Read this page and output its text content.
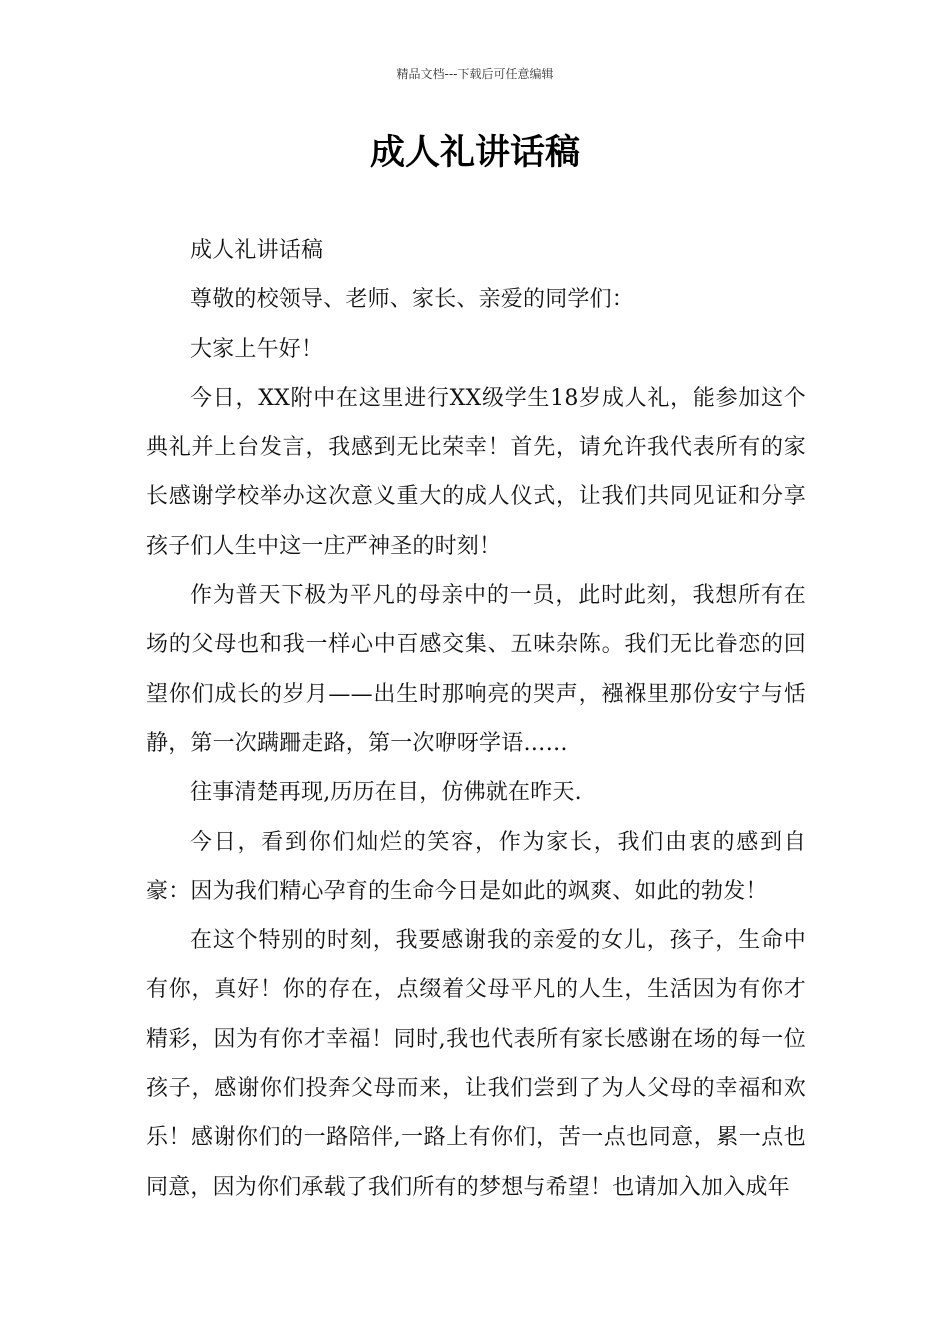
精品文档---下载后可任意编辑
成人礼讲话稿

成人礼讲话稿

尊敬的校领导、老师、家长、亲爱的同学们：

大家上午好！

今日，XX附中在这里进行XX级学生18岁成人礼，能参加这个典礼并上台发言，我感到无比荣幸！首先，请允许我代表所有的家长感谢学校举办这次意义重大的成人仪式，让我们共同见证和分享孩子们人生中这一庄严神圣的时刻！

作为普天下极为平凡的母亲中的一员，此时此刻，我想所有在场的父母也和我一样心中百感交集、五味杂陈。我们无比眷恋的回望你们成长的岁月——出生时那响亮的哭声，襁褓里那份安宁与恬静，第一次蹒跚走路，第一次咿呀学语……

往事清楚再现,历历在目，仿佛就在昨天.

今日，看到你们灿烂的笑容，作为家长，我们由衷的感到自豪：因为我们精心孕育的生命今日是如此的飒爽、如此的勃发！

在这个特别的时刻，我要感谢我的亲爱的女儿，孩子，生命中有你，真好！你的存在，点缀着父母平凡的人生，生活因为有你才精彩，因为有你才幸福！同时,我也代表所有家长感谢在场的每一位孩子，感谢你们投奔父母而来，让我们尝到了为人父母的幸福和欢乐！感谢你们的一路陪伴,一路上有你们，苦一点也同意，累一点也同意，因为你们承载了我们所有的梦想与希望！也请加入加入成年
